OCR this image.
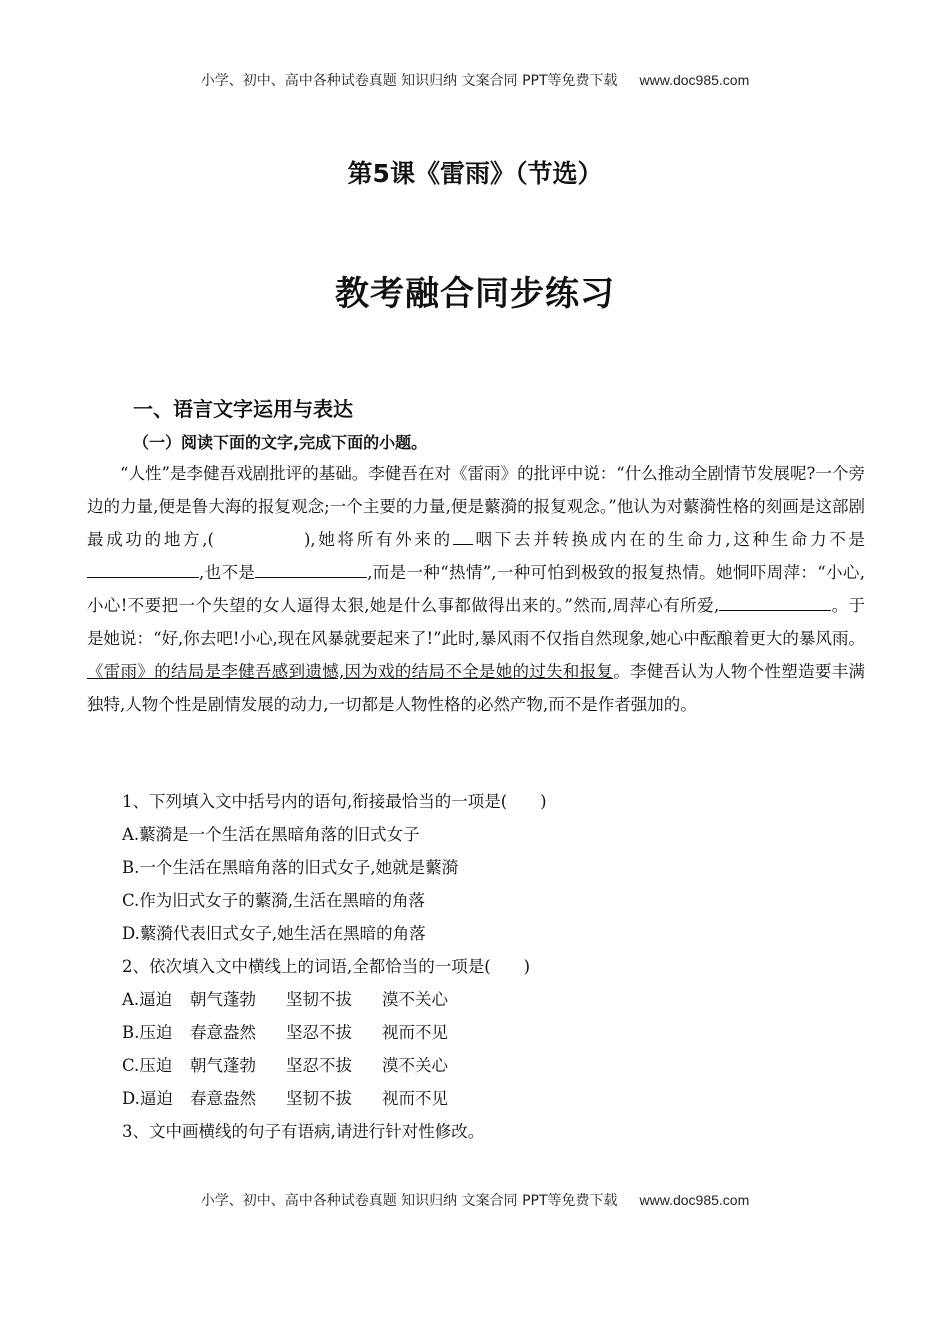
小学、初中、高中各种试卷真题 知识归纳 文案合同 PPT等免费下载 www.doc985.com
第5课《雷雨》（节选）
教考融合同步练习
一、语言文字运用与表达
（一）阅读下面的文字,完成下面的小题。

“人性”是李健吾戏剧批评的基础。李健吾在对《雷雨》的批评中说：“什么推动全剧情节发展呢?一个旁边的力量,便是鲁大海的报复观念;一个主要的力量,便是蘩漪的报复观念。”他认为对蘩漪性格的刻画是这部剧最成功的地方,(	),她将所有外来的 咽下去并转换成内在的生命力,这种生命力不是,也不是	,而是一种“热情”,一种可怕到极致的报复热情。她恫吓周萍：“小心,小心!不要把一个失望的女人逼得太狠,她是什么事都做得出来的。”然而,周萍心有所爱,	。于是她说：“好,你去吧!小心,现在风暴就要起来了!”此时,暴风雨不仅指自然现象,她心中酝酿着更大的暴风雨。《雷雨》的结局是李健吾感到遗憾,因为戏的结局不全是她的过失和报复。李健吾认为人物个性塑造要丰满独特,人物个性是剧情发展的动力,一切都是人物性格的必然产物,而不是作者强加的。

1、下列填入文中括号内的语句,衔接最恰当的一项是(　　)
A.蘩漪是一个生活在黑暗角落的旧式女子
B.一个生活在黑暗角落的旧式女子,她就是蘩漪
C.作为旧式女子的蘩漪,生活在黑暗的角落
D.蘩漪代表旧式女子,她生活在黑暗的角落
2、依次填入文中横线上的词语,全都恰当的一项是(　　)
A.逼迫 朝气蓬勃 坚韧不拔 漠不关心
B.压迫 春意盎然 坚忍不拔 视而不见
C.压迫 朝气蓬勃 坚忍不拔 漠不关心
D.逼迫 春意盎然 坚韧不拔 视而不见
3、文中画横线的句子有语病,请进行针对性修改。
小学、初中、高中各种试卷真题 知识归纳 文案合同 PPT等免费下载 www.doc985.com
